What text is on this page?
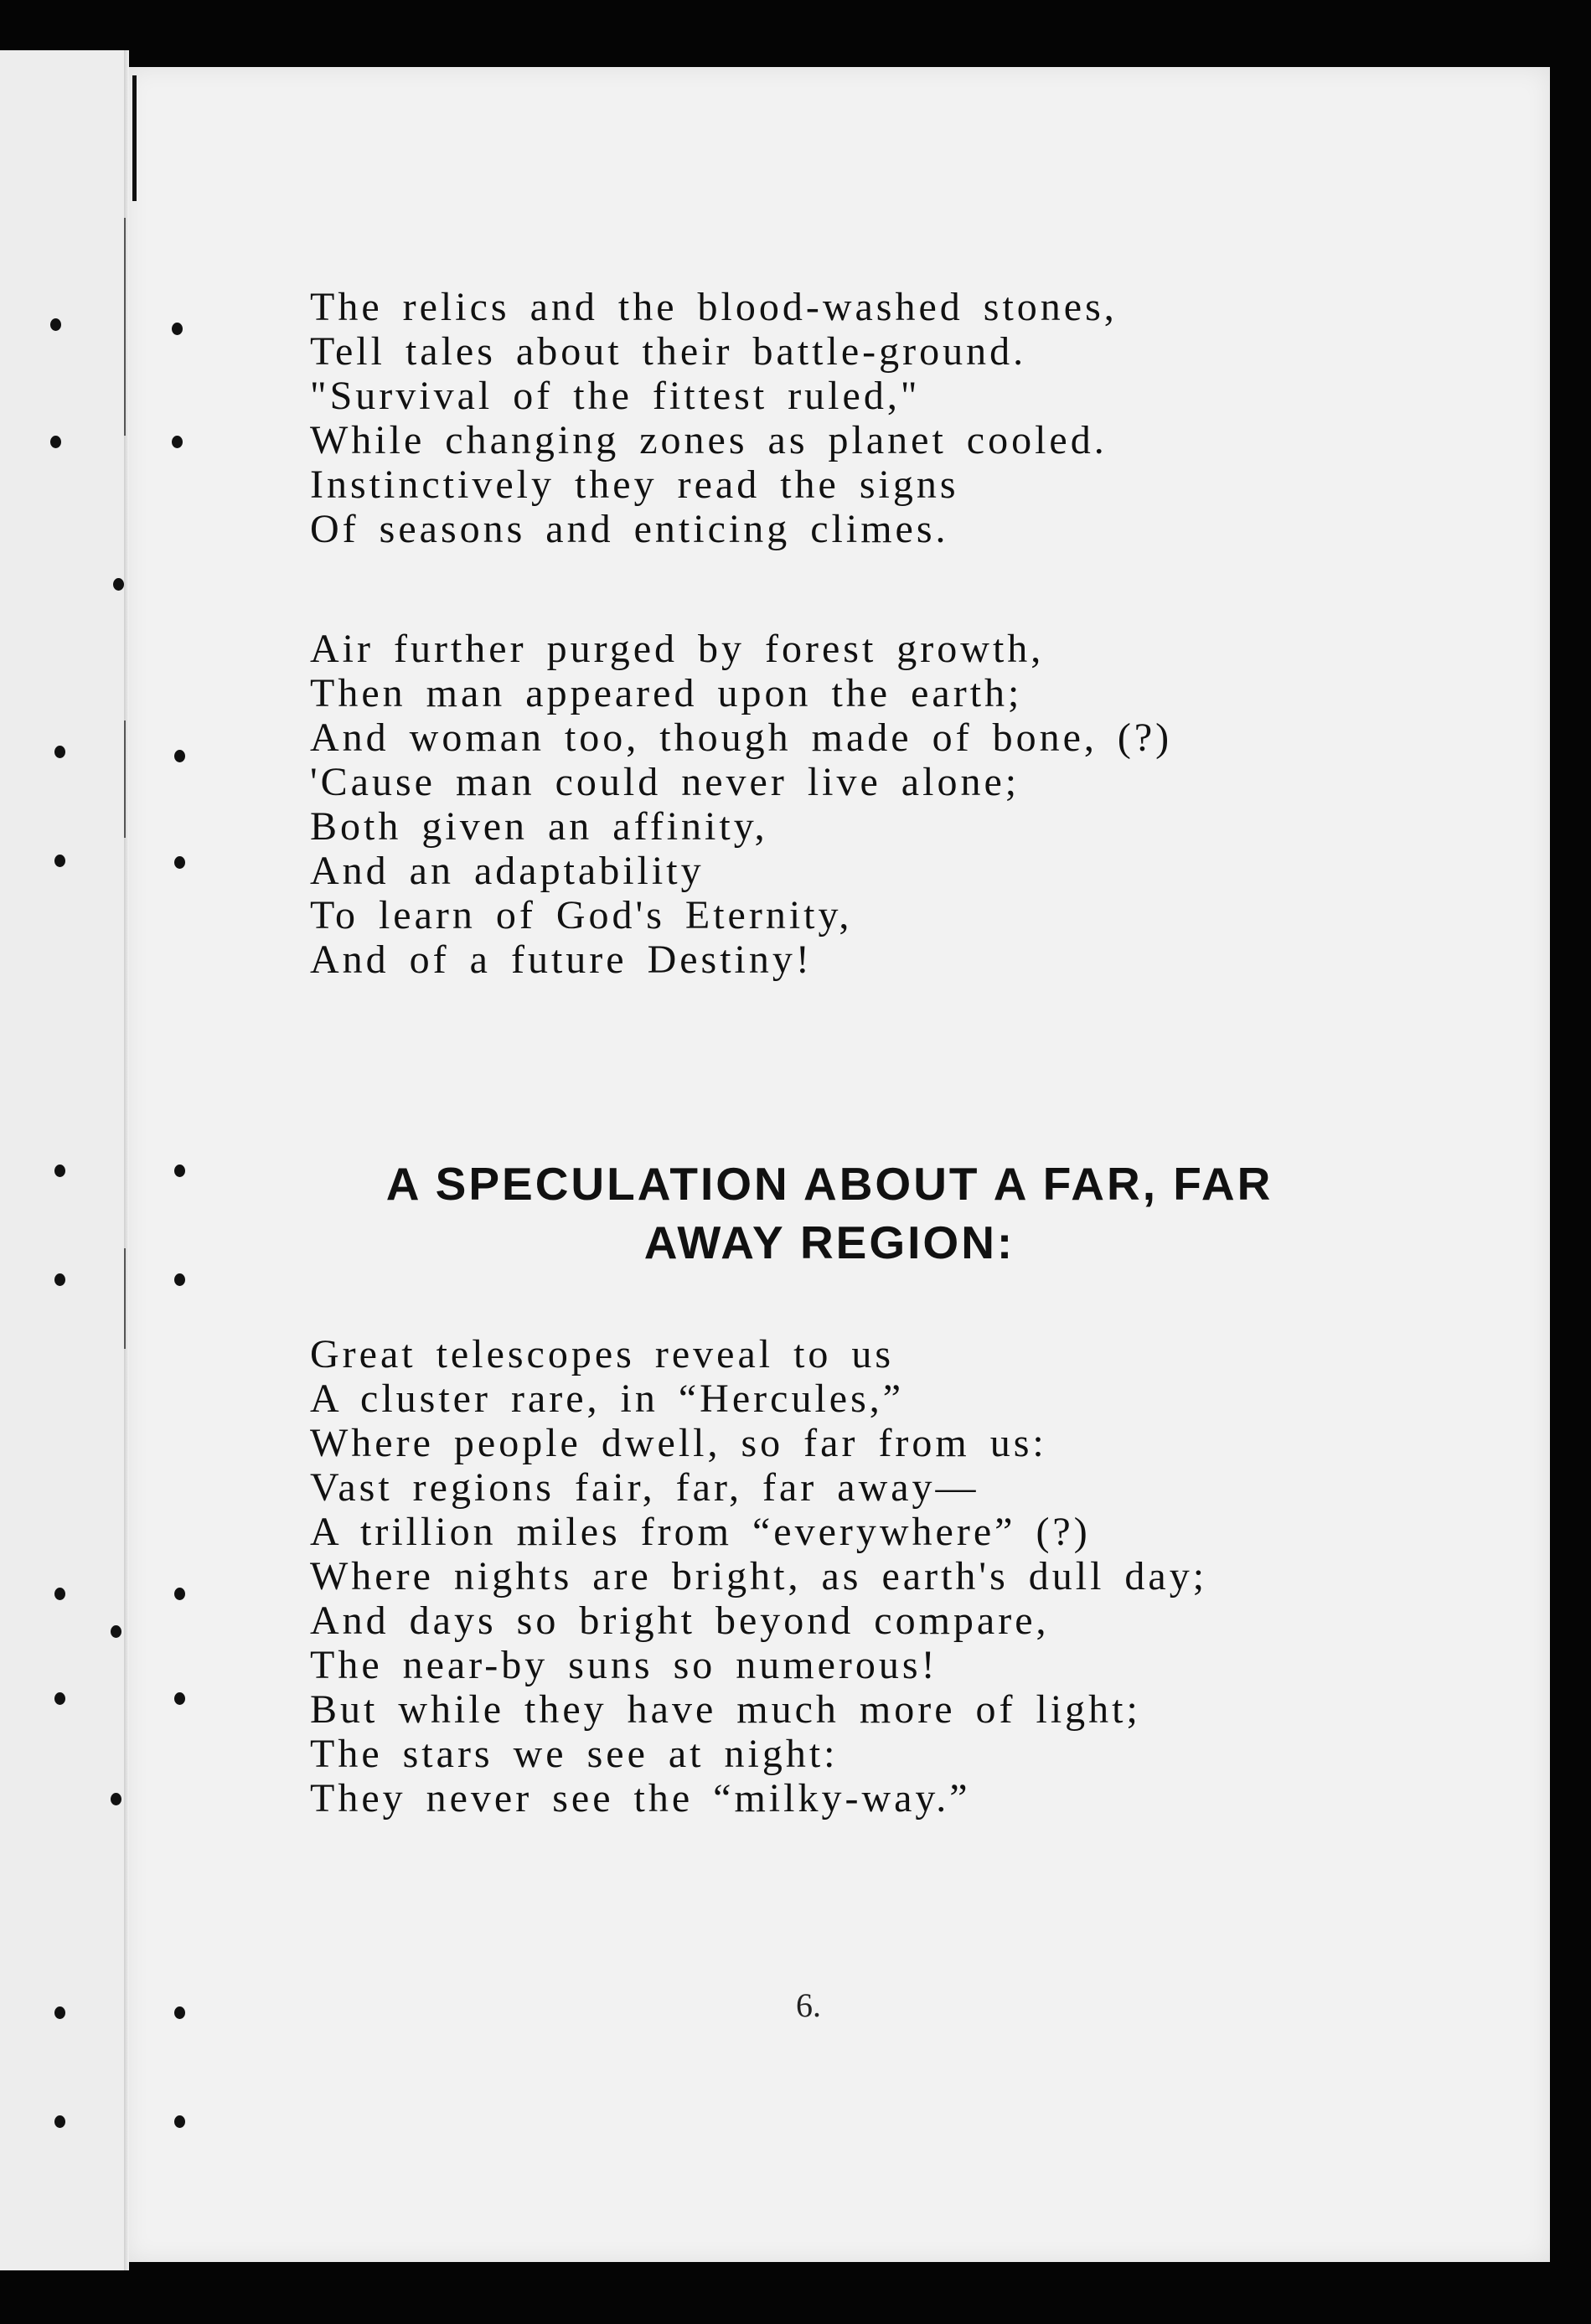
The relics and the blood-washed stones,
Tell tales about their battle-ground.
"Survival of the fittest ruled,"
While changing zones as planet cooled.
Instinctively they read the signs
Of seasons and enticing climes.
Air further purged by forest growth,
Then man appeared upon the earth;
And woman too, though made of bone, (?)
'Cause man could never live alone;
Both given an affinity,
And an adaptability
To learn of God's Eternity,
And of a future Destiny!
A SPECULATION ABOUT A FAR, FAR
AWAY REGION:
Great telescopes reveal to us
A cluster rare, in “Hercules,”
Where people dwell, so far from us:
Vast regions fair, far, far away—
A trillion miles from “everywhere” (?)
Where nights are bright, as earth's dull day;
And days so bright beyond compare,
The near-by suns so numerous!
But while they have much more of light;
The stars we see at night:
They never see the “milky-way.”
6.
